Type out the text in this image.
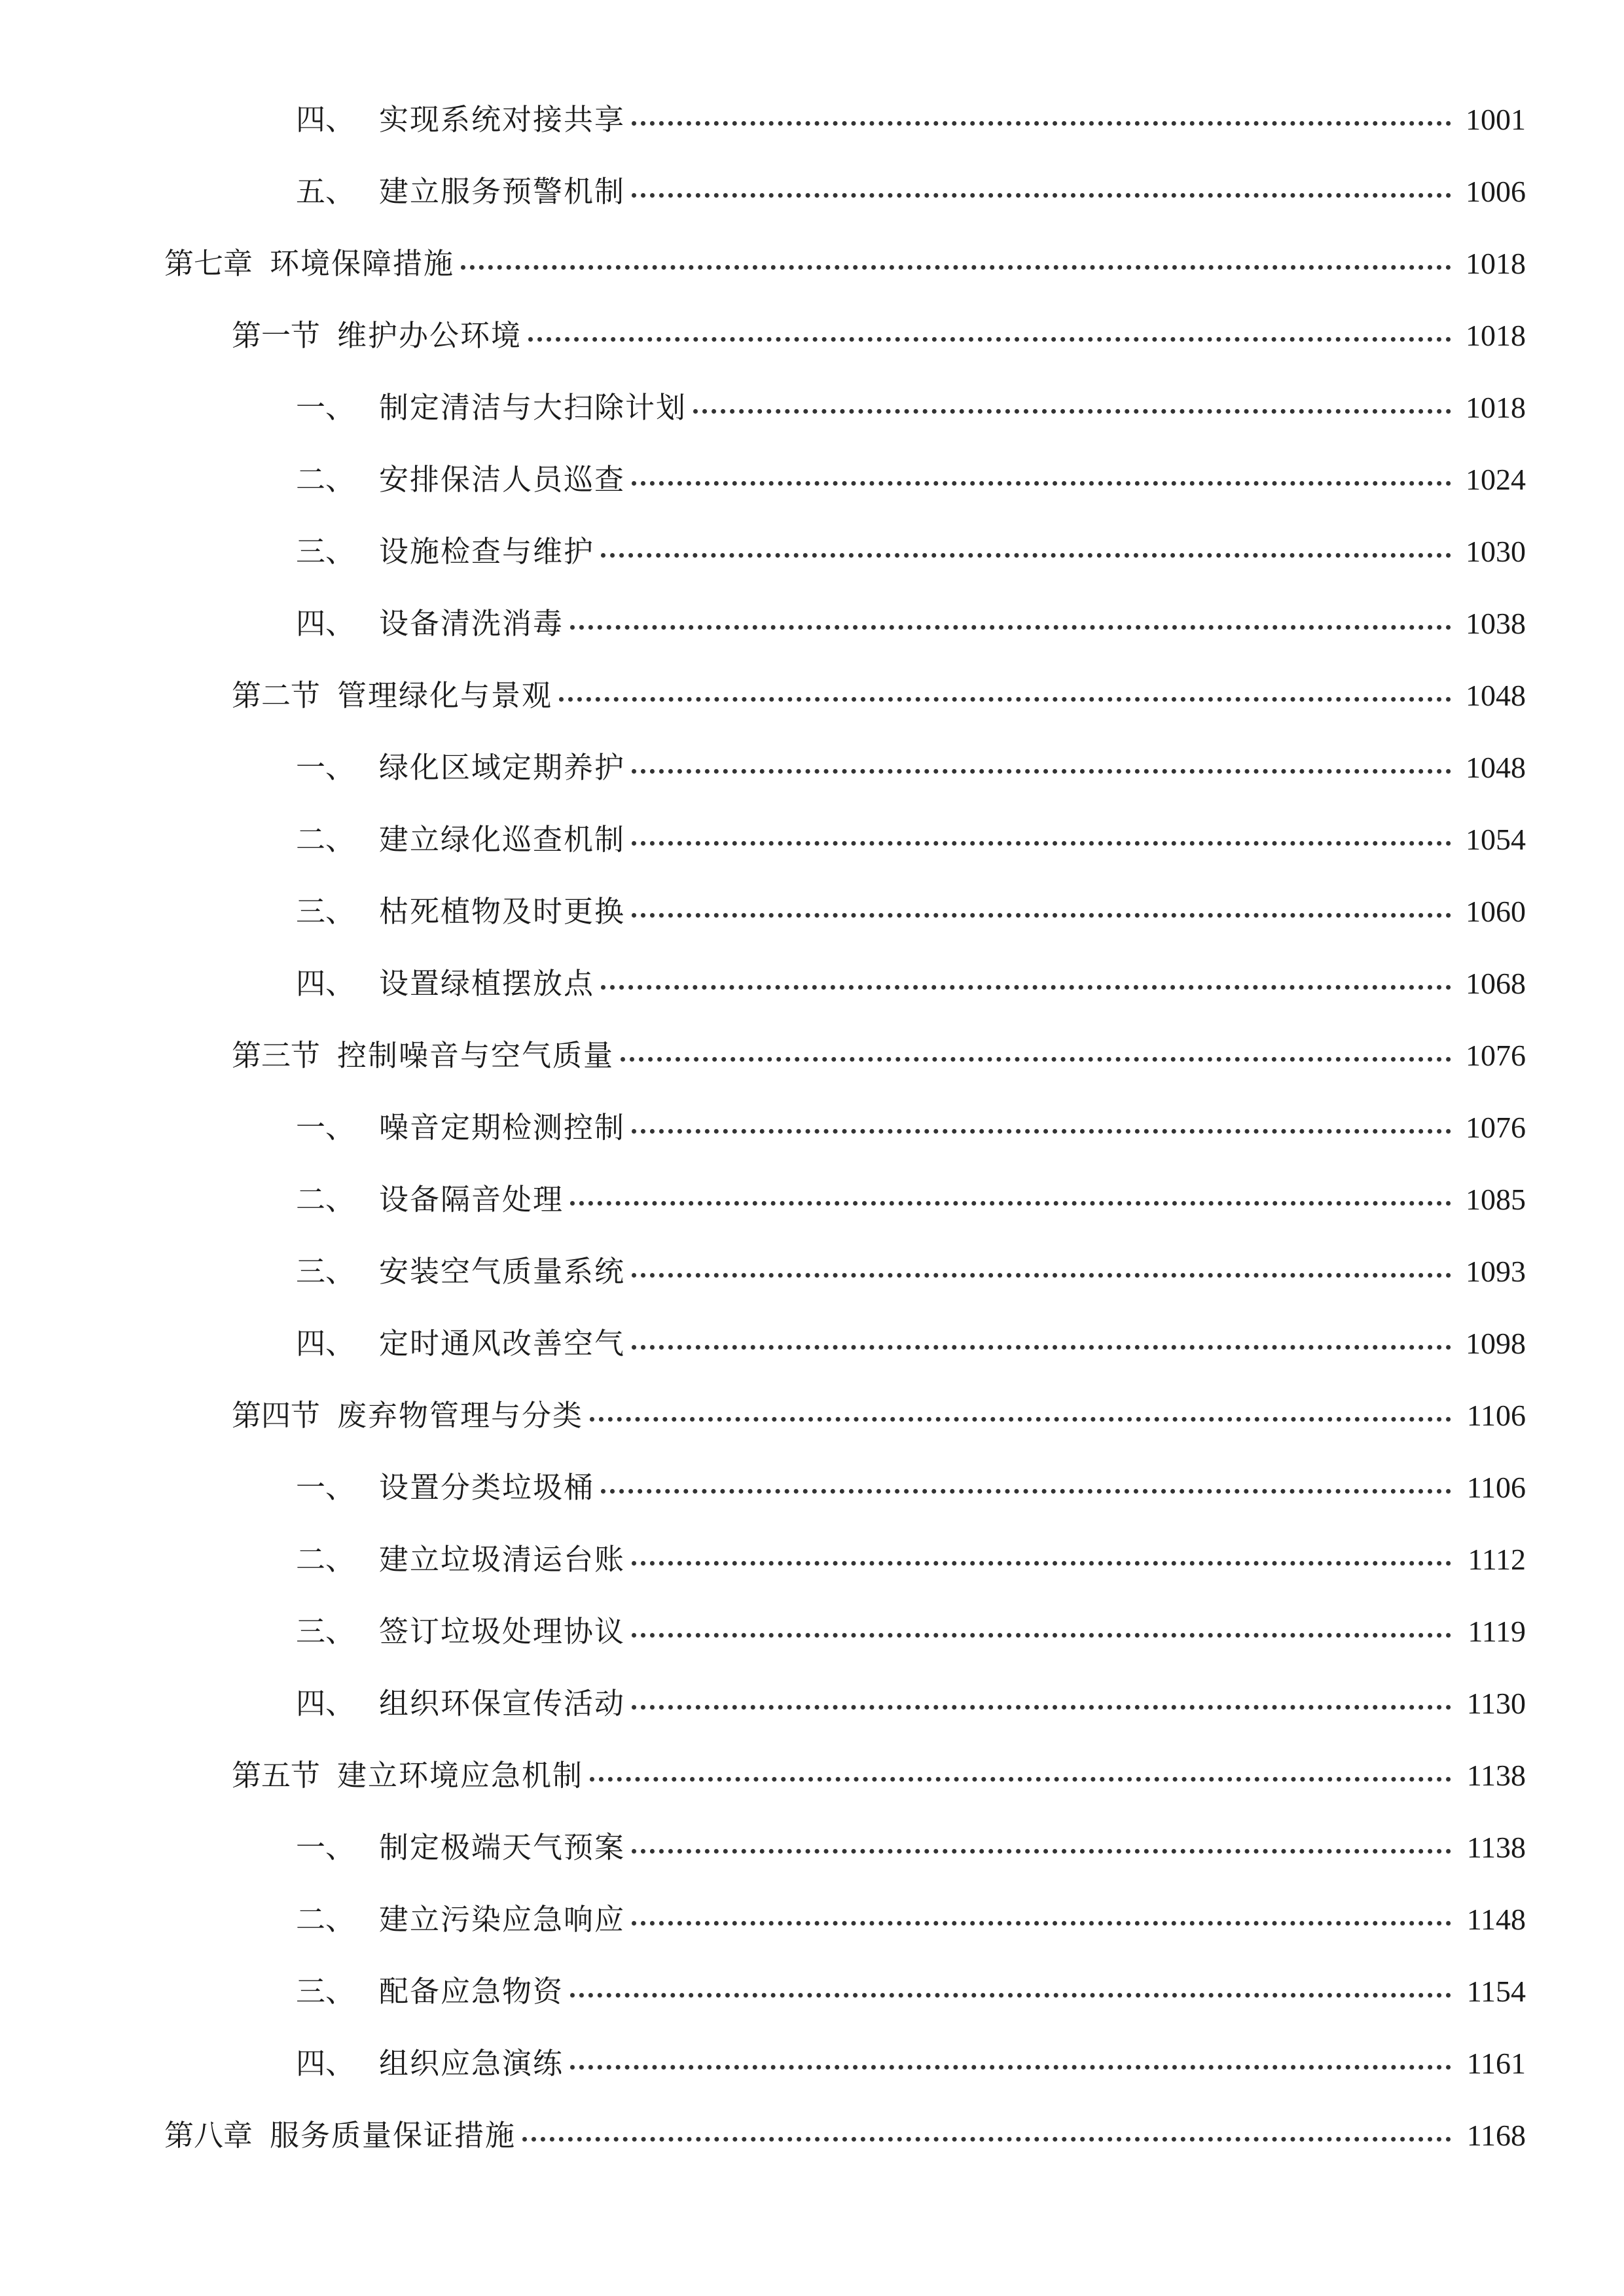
四、 实现系统对接共享	1001
五、 建立服务预警机制	1006
第七章 环境保障措施	1018
第一节 维护办公环境	1018
一、 制定清洁与大扫除计划	1018
二、 安排保洁人员巡查	1024
三、 设施检查与维护	1030
四、 设备清洗消毒	1038
第二节 管理绿化与景观	1048
一、 绿化区域定期养护	1048
二、 建立绿化巡查机制	1054
三、 枯死植物及时更换	1060
四、 设置绿植摆放点	1068
第三节 控制噪音与空气质量	1076
一、 噪音定期检测控制	1076
二、 设备隔音处理	1085
三、 安装空气质量系统	1093
四、 定时通风改善空气	1098
第四节 废弃物管理与分类	1106
一、 设置分类垃圾桶	1106
二、 建立垃圾清运台账	1112
三、 签订垃圾处理协议	1119
四、 组织环保宣传活动	1130
第五节 建立环境应急机制	1138
一、 制定极端天气预案	1138
二、 建立污染应急响应	1148
三、 配备应急物资	1154
四、 组织应急演练	1161
第八章 服务质量保证措施	1168
